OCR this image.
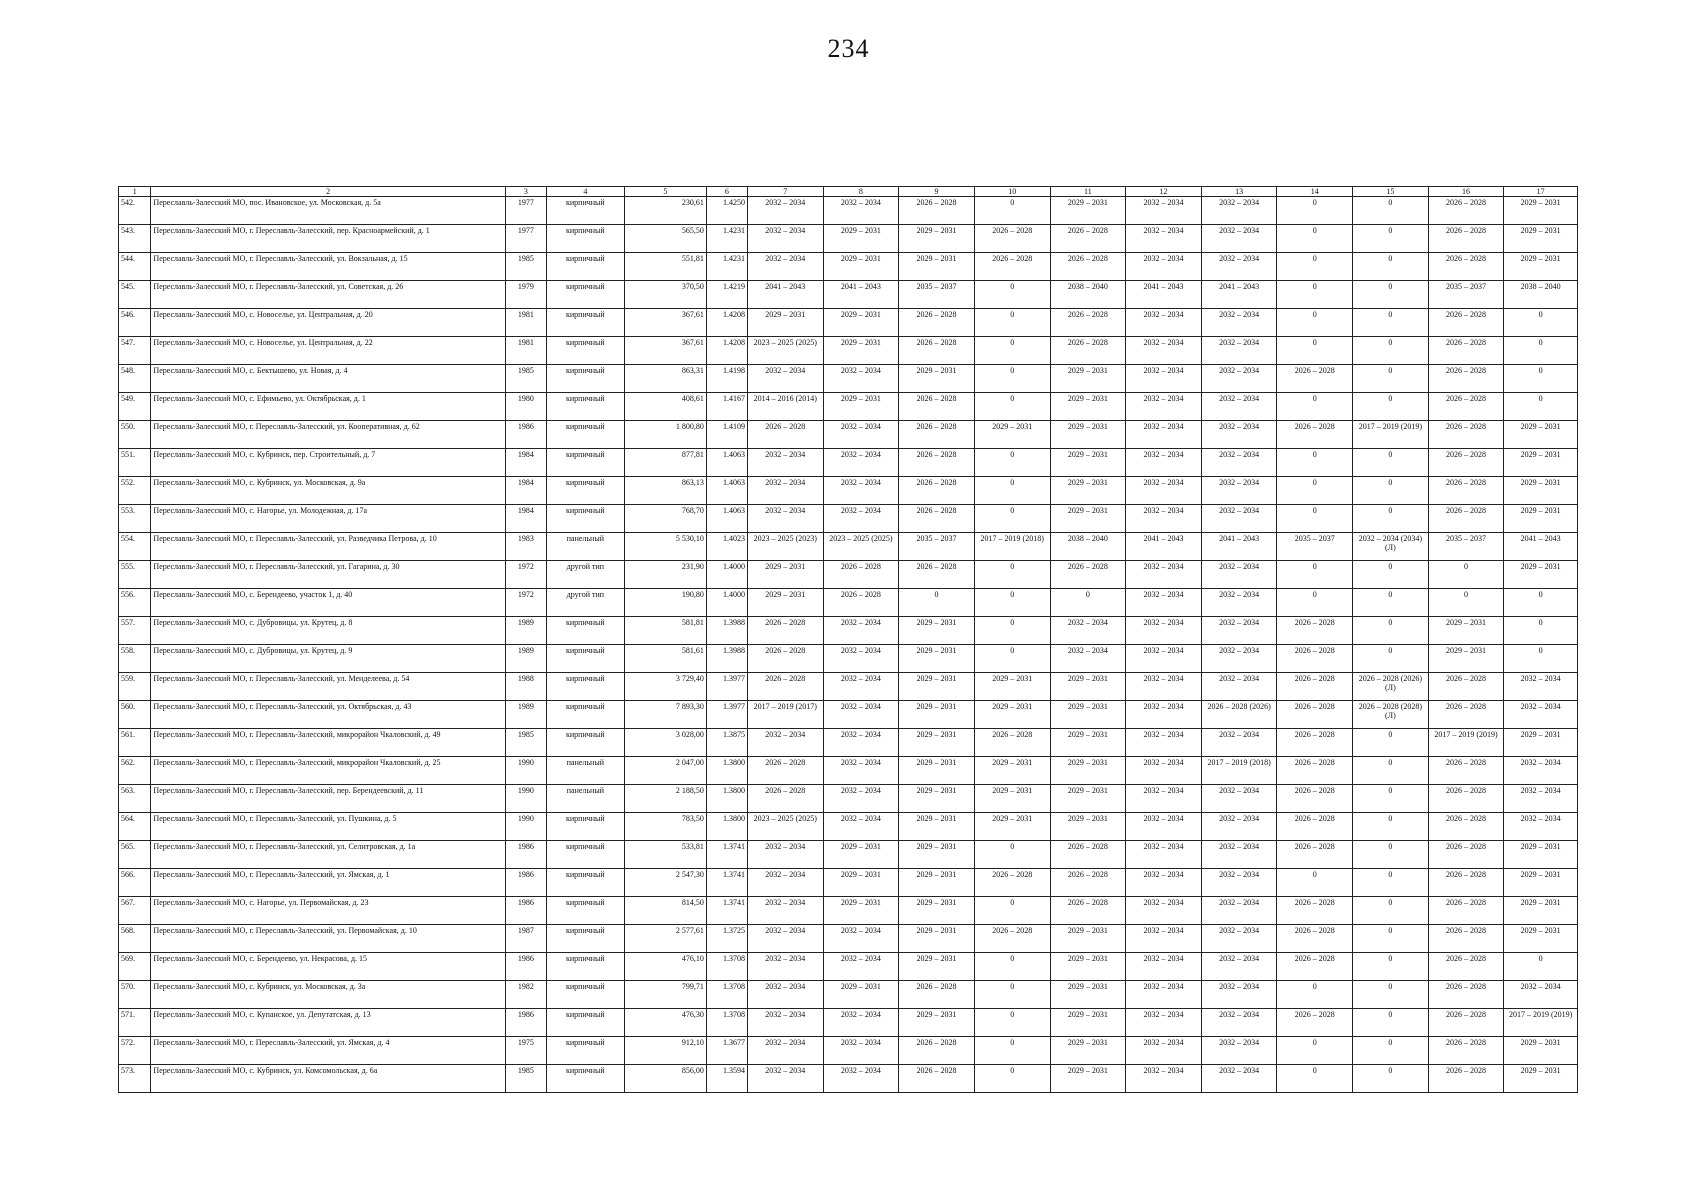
234
1	2	3	4	5	6	7	8	9	10	11	12	13	14	15	16	17
542.	Переславль-Залесский МО, пос. Ивановское, ул. Московская, д. 5а	1977	кирпичный	230,61	1.4250	2032 – 2034	2032 – 2034	2026 – 2028	0	2029 – 2031	2032 – 2034	2032 – 2034	0	0	2026 – 2028	2029 – 2031
543.	Переславль-Залесский МО, г. Переславль-Залесский, пер. Красноармейский, д. 1	1977	кирпичный	565,50	1.4231	2032 – 2034	2029 – 2031	2029 – 2031	2026 – 2028	2026 – 2028	2032 – 2034	2032 – 2034	0	0	2026 – 2028	2029 – 2031
544.	Переславль-Залесский МО, г. Переславль-Залесский, ул. Вокзальная, д. 15	1985	кирпичный	551,81	1.4231	2032 – 2034	2029 – 2031	2029 – 2031	2026 – 2028	2026 – 2028	2032 – 2034	2032 – 2034	0	0	2026 – 2028	2029 – 2031
545.	Переславль-Залесский МО, г. Переславль-Залесский, ул. Советская, д. 26	1979	кирпичный	370,50	1.4219	2041 – 2043	2041 – 2043	2035 – 2037	0	2038 – 2040	2041 – 2043	2041 – 2043	0	0	2035 – 2037	2038 – 2040
546.	Переславль-Залесский МО, с. Новоселье, ул. Центральная, д. 20	1981	кирпичный	367,61	1.4208	2029 – 2031	2029 – 2031	2026 – 2028	0	2026 – 2028	2032 – 2034	2032 – 2034	0	0	2026 – 2028	0
547.	Переславль-Залесский МО, с. Новоселье, ул. Центральная, д. 22	1981	кирпичный	367,61	1.4208	2023 – 2025 (2025)	2029 – 2031	2026 – 2028	0	2026 – 2028	2032 – 2034	2032 – 2034	0	0	2026 – 2028	0
548.	Переславль-Залесский МО, с. Бектышево, ул. Новая, д. 4	1985	кирпичный	863,31	1.4198	2032 – 2034	2032 – 2034	2029 – 2031	0	2029 – 2031	2032 – 2034	2032 – 2034	2026 – 2028	0	2026 – 2028	0
549.	Переславль-Залесский МО, с. Ефимьево, ул. Октябрьская, д. 1	1980	кирпичный	408,61	1.4167	2014 – 2016 (2014)	2029 – 2031	2026 – 2028	0	2029 – 2031	2032 – 2034	2032 – 2034	0	0	2026 – 2028	0
550.	Переславль-Залесский МО, г. Переславль-Залесский, ул. Кооперативная, д. 62	1986	кирпичный	1 800,80	1.4109	2026 – 2028	2032 – 2034	2026 – 2028	2029 – 2031	2029 – 2031	2032 – 2034	2032 – 2034	2026 – 2028	2017 – 2019 (2019)	2026 – 2028	2029 – 2031
551.	Переславль-Залесский МО, с. Кубринск, пер. Строительный, д. 7	1984	кирпичный	877,81	1.4063	2032 – 2034	2032 – 2034	2026 – 2028	0	2029 – 2031	2032 – 2034	2032 – 2034	0	0	2026 – 2028	2029 – 2031
552.	Переславль-Залесский МО, с. Кубринск, ул. Московская, д. 9а	1984	кирпичный	863,13	1.4063	2032 – 2034	2032 – 2034	2026 – 2028	0	2029 – 2031	2032 – 2034	2032 – 2034	0	0	2026 – 2028	2029 – 2031
553.	Переславль-Залесский МО, с. Нагорье, ул. Молодежная, д. 17а	1984	кирпичный	768,70	1.4063	2032 – 2034	2032 – 2034	2026 – 2028	0	2029 – 2031	2032 – 2034	2032 – 2034	0	0	2026 – 2028	2029 – 2031
554.	Переславль-Залесский МО, г. Переславль-Залесский, ул. Разведчика Петрова, д. 10	1983	панельный	5 530,10	1.4023	2023 – 2025 (2023)	2023 – 2025 (2025)	2035 – 2037	2017 – 2019 (2018)	2038 – 2040	2041 – 2043	2041 – 2043	2035 – 2037	2032 – 2034 (2034) (Л)	2035 – 2037	2041 – 2043
555.	Переславль-Залесский МО, г. Переславль-Залесский, ул. Гагарина, д. 30	1972	другой тип	231,90	1.4000	2029 – 2031	2026 – 2028	2026 – 2028	0	2026 – 2028	2032 – 2034	2032 – 2034	0	0	0	2029 – 2031
556.	Переславль-Залесский МО, с. Берендеево, участок 1, д. 40	1972	другой тип	190,80	1.4000	2029 – 2031	2026 – 2028	0	0	0	2032 – 2034	2032 – 2034	0	0	0	0
557.	Переславль-Залесский МО, с. Дубровицы, ул. Крутец, д. 8	1989	кирпичный	581,81	1.3988	2026 – 2028	2032 – 2034	2029 – 2031	0	2032 – 2034	2032 – 2034	2032 – 2034	2026 – 2028	0	2029 – 2031	0
558.	Переславль-Залесский МО, с. Дубровицы, ул. Крутец, д. 9	1989	кирпичный	581,61	1.3988	2026 – 2028	2032 – 2034	2029 – 2031	0	2032 – 2034	2032 – 2034	2032 – 2034	2026 – 2028	0	2029 – 2031	0
559.	Переславль-Залесский МО, г. Переславль-Залесский, ул. Менделеева, д. 54	1988	кирпичный	3 729,40	1.3977	2026 – 2028	2032 – 2034	2029 – 2031	2029 – 2031	2029 – 2031	2032 – 2034	2032 – 2034	2026 – 2028	2026 – 2028 (2026) (Л)	2026 – 2028	2032 – 2034
560.	Переславль-Залесский МО, г. Переславль-Залесский, ул. Октябрьская, д. 43	1989	кирпичный	7 893,30	1.3977	2017 – 2019 (2017)	2032 – 2034	2029 – 2031	2029 – 2031	2029 – 2031	2032 – 2034	2026 – 2028 (2026)	2026 – 2028	2026 – 2028 (2028) (Л)	2026 – 2028	2032 – 2034
561.	Переславль-Залесский МО, г. Переславль-Залесский, микрорайон Чкаловский, д. 49	1985	кирпичный	3 028,00	1.3875	2032 – 2034	2032 – 2034	2029 – 2031	2026 – 2028	2029 – 2031	2032 – 2034	2032 – 2034	2026 – 2028	0	2017 – 2019 (2019)	2029 – 2031
562.	Переславль-Залесский МО, г. Переславль-Залесский, микрорайон Чкаловский, д. 25	1990	панельный	2 047,00	1.3800	2026 – 2028	2032 – 2034	2029 – 2031	2029 – 2031	2029 – 2031	2032 – 2034	2017 – 2019 (2018)	2026 – 2028	0	2026 – 2028	2032 – 2034
563.	Переславль-Залесский МО, г. Переславль-Залесский, пер. Берендеевский, д. 11	1990	панельный	2 188,50	1.3800	2026 – 2028	2032 – 2034	2029 – 2031	2029 – 2031	2029 – 2031	2032 – 2034	2032 – 2034	2026 – 2028	0	2026 – 2028	2032 – 2034
564.	Переславль-Залесский МО, г. Переславль-Залесский, ул. Пушкина, д. 5	1990	кирпичный	783,50	1.3800	2023 – 2025 (2025)	2032 – 2034	2029 – 2031	2029 – 2031	2029 – 2031	2032 – 2034	2032 – 2034	2026 – 2028	0	2026 – 2028	2032 – 2034
565.	Переславль-Залесский МО, г. Переславль-Залесский, ул. Селитровская, д. 1а	1986	кирпичный	533,81	1.3741	2032 – 2034	2029 – 2031	2029 – 2031	0	2026 – 2028	2032 – 2034	2032 – 2034	2026 – 2028	0	2026 – 2028	2029 – 2031
566.	Переславль-Залесский МО, г. Переславль-Залесский, ул. Ямская, д. 1	1986	кирпичный	2 547,30	1.3741	2032 – 2034	2029 – 2031	2029 – 2031	2026 – 2028	2026 – 2028	2032 – 2034	2032 – 2034	0	0	2026 – 2028	2029 – 2031
567.	Переславль-Залесский МО, с. Нагорье, ул. Первомайская, д. 23	1986	кирпичный	814,50	1.3741	2032 – 2034	2029 – 2031	2029 – 2031	0	2026 – 2028	2032 – 2034	2032 – 2034	2026 – 2028	0	2026 – 2028	2029 – 2031
568.	Переславль-Залесский МО, г. Переславль-Залесский, ул. Первомайская, д. 10	1987	кирпичный	2 577,61	1.3725	2032 – 2034	2032 – 2034	2029 – 2031	2026 – 2028	2029 – 2031	2032 – 2034	2032 – 2034	2026 – 2028	0	2026 – 2028	2029 – 2031
569.	Переславль-Залесский МО, с. Берендеево, ул. Некрасова, д. 15	1986	кирпичный	476,10	1.3708	2032 – 2034	2032 – 2034	2029 – 2031	0	2029 – 2031	2032 – 2034	2032 – 2034	2026 – 2028	0	2026 – 2028	0
570.	Переславль-Залесский МО, с. Кубринск, ул. Московская, д. 3а	1982	кирпичный	799,71	1.3708	2032 – 2034	2029 – 2031	2026 – 2028	0	2029 – 2031	2032 – 2034	2032 – 2034	0	0	2026 – 2028	2032 – 2034
571.	Переславль-Залесский МО, с. Купанское, ул. Депутатская, д. 13	1986	кирпичный	476,30	1.3708	2032 – 2034	2032 – 2034	2029 – 2031	0	2029 – 2031	2032 – 2034	2032 – 2034	2026 – 2028	0	2026 – 2028	2017 – 2019 (2019)
572.	Переславль-Залесский МО, г. Переславль-Залесский, ул. Ямская, д. 4	1975	кирпичный	912,10	1.3677	2032 – 2034	2032 – 2034	2026 – 2028	0	2029 – 2031	2032 – 2034	2032 – 2034	0	0	2026 – 2028	2029 – 2031
573.	Переславль-Залесский МО, с. Кубринск, ул. Комсомольская, д. 6а	1985	кирпичный	856,00	1.3594	2032 – 2034	2032 – 2034	2026 – 2028	0	2029 – 2031	2032 – 2034	2032 – 2034	0	0	2026 – 2028	2029 – 2031
